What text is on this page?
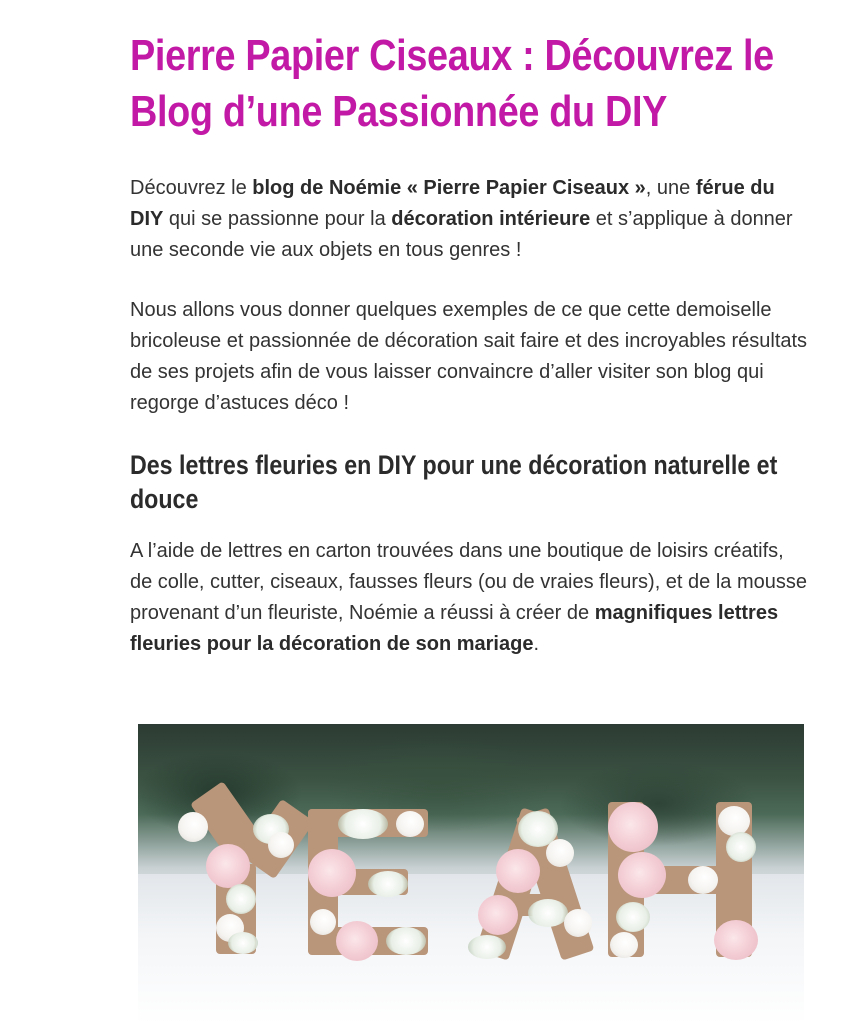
Pierre Papier Ciseaux : Découvrez le Blog d’une Passionnée du DIY

Découvrez le blog de Noémie « Pierre Papier Ciseaux », une férue du DIY qui se passionne pour la décoration intérieure et s’applique à donner une seconde vie aux objets en tous genres !

Nous allons vous donner quelques exemples de ce que cette demoiselle bricoleuse et passionnée de décoration sait faire et des incroyables résultats de ses projets afin de vous laisser convaincre d’aller visiter son blog qui regorge d’astuces déco !

Des lettres fleuries en DIY pour une décoration naturelle et douce

A l’aide de lettres en carton trouvées dans une boutique de loisirs créatifs, de colle, cutter, ciseaux, fausses fleurs (ou de vraies fleurs), et de la mousse provenant d’un fleuriste, Noémie a réussi à créer de magnifiques lettres fleuries pour la décoration de son mariage.
